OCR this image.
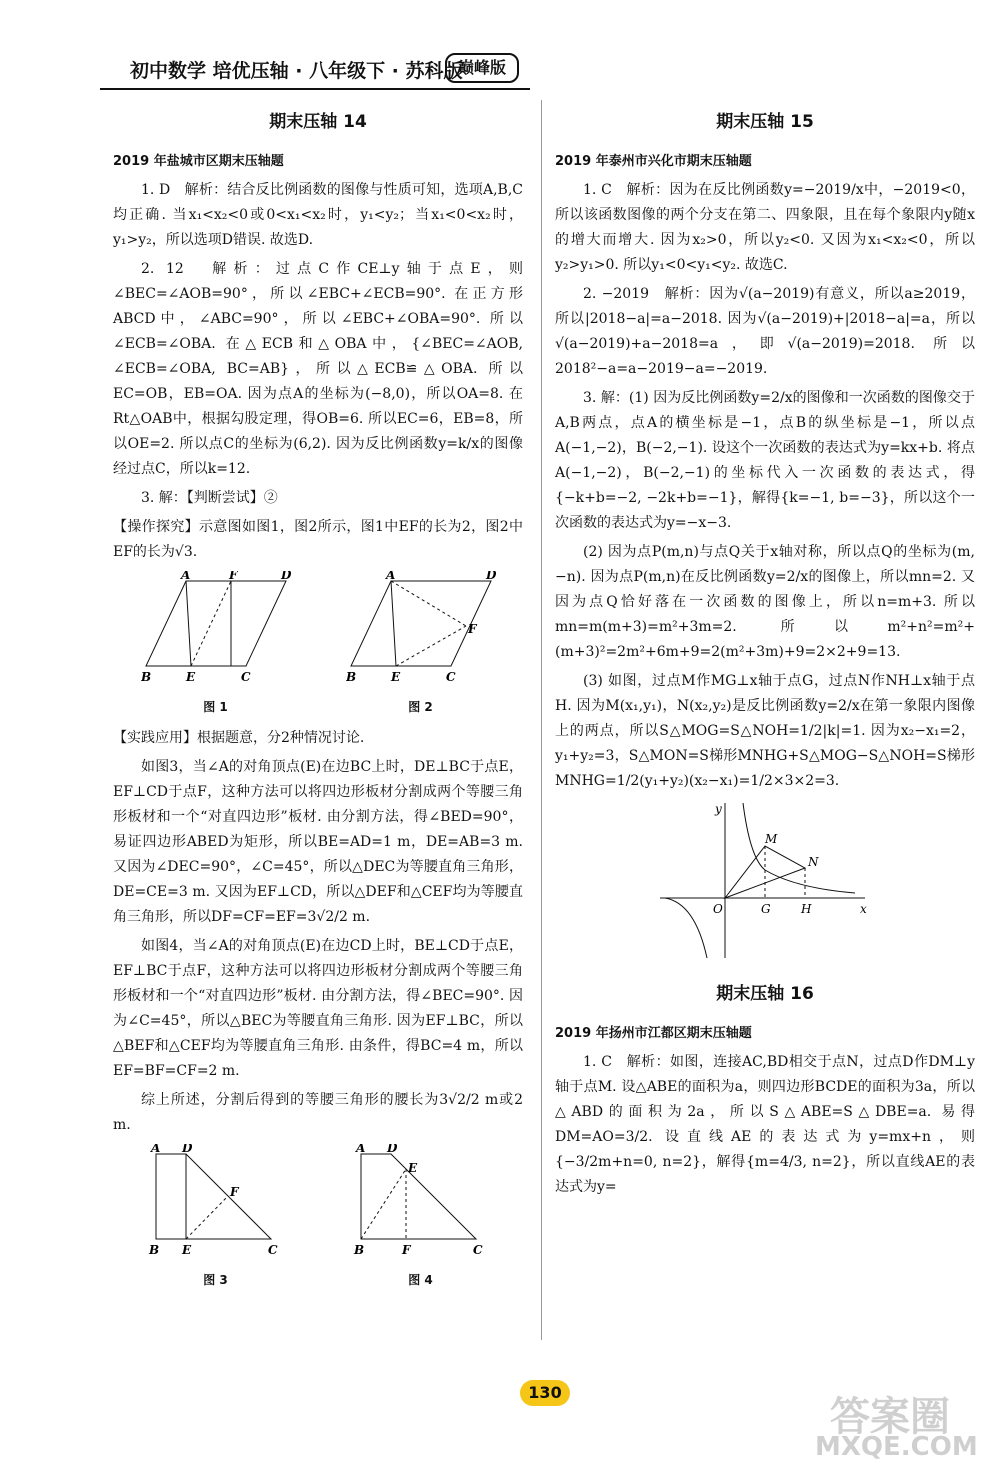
初中数学 培优压轴 · 八年级下 · 苏科版
巅峰版
期末压轴 14
2019 年盐城市区期末压轴题

1. D　解析：结合反比例函数的图像与性质可知，选项A,B,C均正确. 当x₁<x₂<0或0<x₁<x₂时，y₁<y₂；当x₁<0<x₂时，y₁>y₂，所以选项D错误. 故选D.

2. 12　解析：过点C作CE⊥y轴于点E，则∠BEC=∠AOB=90°，所以∠EBC+∠ECB=90°. 在正方形ABCD中，∠ABC=90°，所以∠EBC+∠OBA=90°. 所以∠ECB=∠OBA. 在△ECB和△OBA中，{∠BEC=∠AOB, ∠ECB=∠OBA, BC=AB}，所以△ECB≌△OBA. 所以EC=OB，EB=OA. 因为点A的坐标为(−8,0)，所以OA=8. 在Rt△OAB中，根据勾股定理，得OB=6. 所以EC=6，EB=8，所以OE=2. 所以点C的坐标为(6,2). 因为反比例函数y=k/x的图像经过点C，所以k=12.

3. 解：【判断尝试】②

【操作探究】示意图如图1，图2所示，图1中EF的长为2，图2中EF的长为√3.

A	F	D
B	E	C
图 1
A	D
F
B	E	C
图 2

【实践应用】根据题意，分2种情况讨论.

如图3，当∠A的对角顶点(E)在边BC上时，DE⊥BC于点E，EF⊥CD于点F，这种方法可以将四边形板材分割成两个等腰三角形板材和一个“对直四边形”板材. 由分割方法，得∠BED=90°，易证四边形ABED为矩形，所以BE=AD=1 m，DE=AB=3 m. 又因为∠DEC=90°，∠C=45°，所以△DEC为等腰直角三角形，DE=CE=3 m. 又因为EF⊥CD，所以△DEF和△CEF均为等腰直角三角形，所以DF=CF=EF=3√2/2 m.

如图4，当∠A的对角顶点(E)在边CD上时，BE⊥CD于点E，EF⊥BC于点F，这种方法可以将四边形板材分割成两个等腰三角形板材和一个“对直四边形”板材. 由分割方法，得∠BEC=90°. 因为∠C=45°，所以△BEC为等腰直角三角形. 因为EF⊥BC，所以△BEF和△CEF均为等腰直角三角形. 由条件，得BC=4 m，所以EF=BF=CF=2 m.

综上所述，分割后得到的等腰三角形的腰长为3√2/2 m或2 m.

A D
F
B E	C
图 3
A D
E
B	F	C
图 4
期末压轴 15
2019 年泰州市兴化市期末压轴题

1. C　解析：因为在反比例函数y=−2019/x中，−2019<0，所以该函数图像的两个分支在第二、四象限，且在每个象限内y随x的增大而增大. 因为x₂>0，所以y₂<0. 又因为x₁<x₂<0，所以y₂>y₁>0. 所以y₁<0<y₁<y₂. 故选C.

2. −2019　解析：因为√(a−2019)有意义，所以a≥2019，所以|2018−a|=a−2018. 因为√(a−2019)+|2018−a|=a，所以√(a−2019)+a−2018=a，即√(a−2019)=2018. 所以2018²−a=a−2019−a=−2019.

3. 解：(1) 因为反比例函数y=2/x的图像和一次函数的图像交于A,B两点，点A的横坐标是−1，点B的纵坐标是−1，所以点A(−1,−2)，B(−2,−1). 设这个一次函数的表达式为y=kx+b. 将点A(−1,−2)，B(−2,−1)的坐标代入一次函数的表达式，得{−k+b=−2, −2k+b=−1}，解得{k=−1, b=−3}，所以这个一次函数的表达式为y=−x−3.

(2) 因为点P(m,n)与点Q关于x轴对称，所以点Q的坐标为(m,−n). 因为点P(m,n)在反比例函数y=2/x的图像上，所以mn=2. 又因为点Q恰好落在一次函数的图像上，所以n=m+3. 所以mn=m(m+3)=m²+3m=2. 所以m²+n²=m²+(m+3)²=2m²+6m+9=2(m²+3m)+9=2×2+9=13.

(3) 如图，过点M作MG⊥x轴于点G，过点N作NH⊥x轴于点H. 因为M(x₁,y₁)，N(x₂,y₂)是反比例函数y=2/x在第一象限内图像上的两点，所以S△MOG=S△NOH=1/2|k|=1. 因为x₂−x₁=2，y₁+y₂=3，S△MON=S梯形MNHG+S△MOG−S△NOH=S梯形MNHG=1/2(y₁+y₂)(x₂−x₁)=1/2×3×2=3.

y
x
O	G	H
M
N
期末压轴 16
2019 年扬州市江都区期末压轴题

1. C　解析：如图，连接AC,BD相交于点N，过点D作DM⊥y轴于点M. 设△ABE的面积为a，则四边形BCDE的面积为3a，所以△ABD的面积为2a，所以S△ABE=S△DBE=a. 易得DM=AO=3/2. 设直线AE的表达式为y=mx+n，则{−3/2m+n=0, n=2}，解得{m=4/3, n=2}，所以直线AE的表达式为y=

130
答案圈
MXQE.COM
